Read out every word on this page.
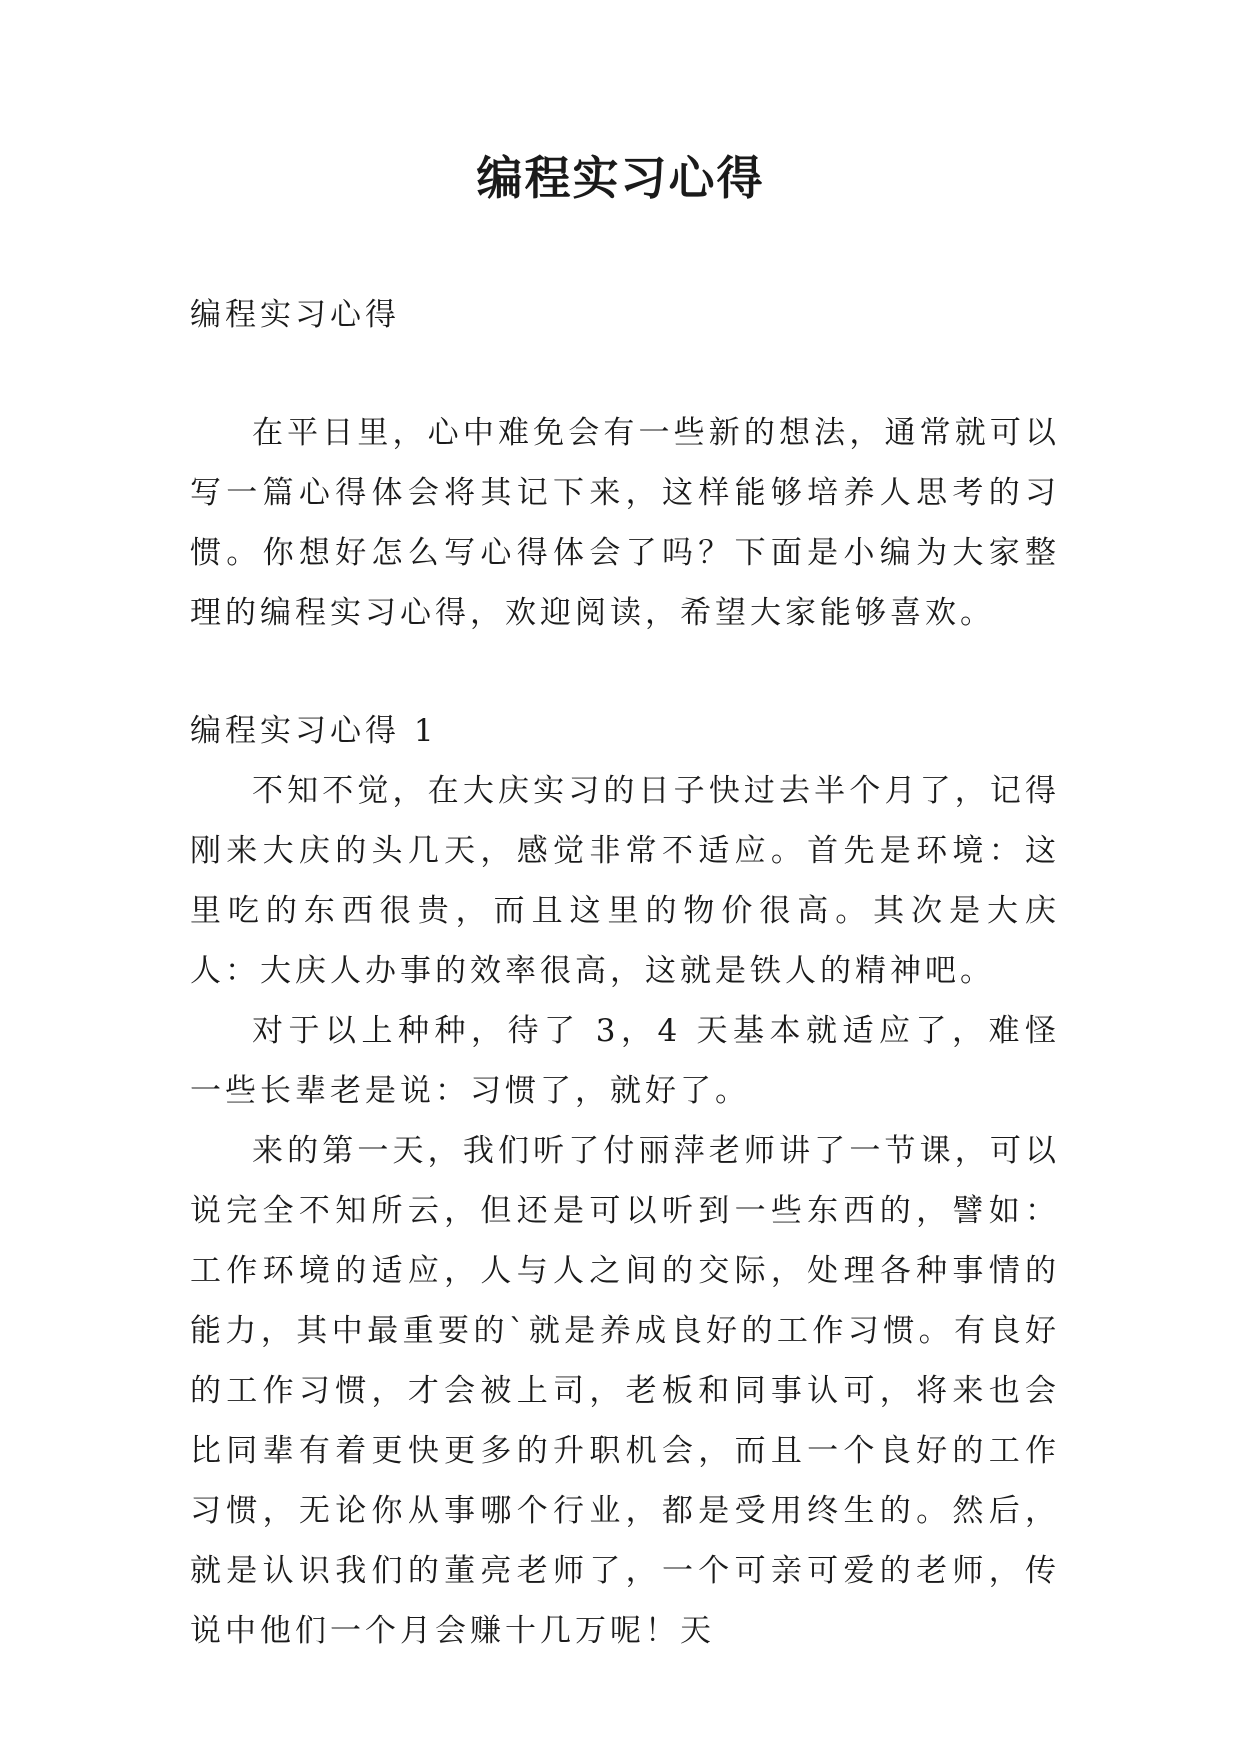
编程实习心得

编程实习心得

在平日里，心中难免会有一些新的想法，通常就可以写一篇心得体会将其记下来，这样能够培养人思考的习惯。你想好怎么写心得体会了吗？下面是小编为大家整理的编程实习心得，欢迎阅读，希望大家能够喜欢。

编程实习心得 1

不知不觉，在大庆实习的日子快过去半个月了，记得刚来大庆的头几天，感觉非常不适应。首先是环境：这里吃的东西很贵，而且这里的物价很高。其次是大庆人：大庆人办事的效率很高，这就是铁人的精神吧。

对于以上种种，待了 3，4 天基本就适应了，难怪一些长辈老是说：习惯了，就好了。

来的第一天，我们听了付丽萍老师讲了一节课，可以说完全不知所云，但还是可以听到一些东西的，譬如：工作环境的适应，人与人之间的交际，处理各种事情的能力，其中最重要的`就是养成良好的工作习惯。有良好的工作习惯，才会被上司，老板和同事认可，将来也会比同辈有着更快更多的升职机会，而且一个良好的工作习惯，无论你从事哪个行业，都是受用终生的。然后，就是认识我们的董亮老师了，一个可亲可爱的老师，传说中他们一个月会赚十几万呢！天
